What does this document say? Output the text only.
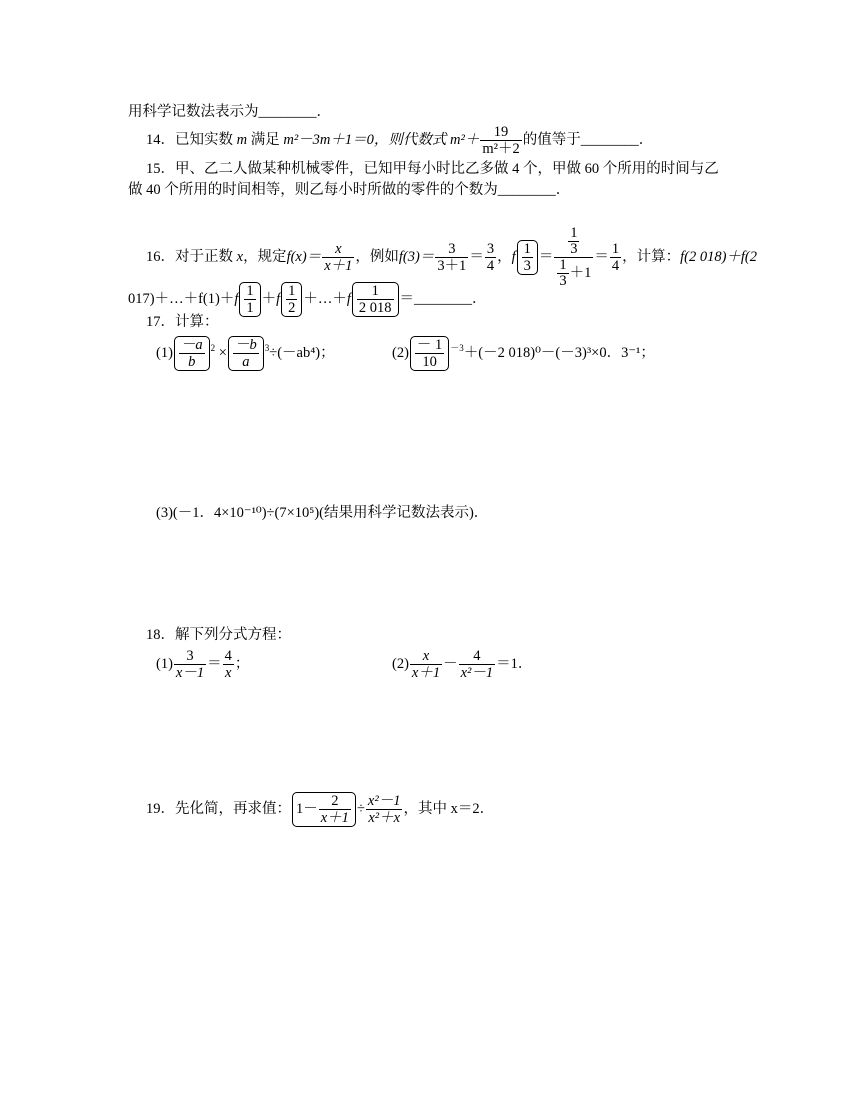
用科学记数法表示为________．
14．已知实数 m 满足 m²－3m＋1＝0，则代数式 $m^2+ \frac{19}{\text{m²＋2}}$ 的值等于________．
15．甲、乙二人做某种机械零件，已知甲每小时比乙多做 4 个，甲做 60 个所用的时间与乙
做 40 个所用的时间相等，则乙每小时所做的零件的个数为________．
16．对于正数 x，规定$f(x)= \frac{x}{x+1}$ ，例如$f(3)= \frac{3}{3+1} = \frac{3}{4}$ ，f $\frac{1}{3} = \frac{\frac{1}{3}}{\frac{1}{3} +1} = \frac{1}{4}$ ，计算：f(2 018)＋f(2
017)＋…＋f(1)＋f $\frac{1}{1} +f \frac{1}{2}$ ＋…＋f $\frac{1}{2 018}$ ＝________．
17．计算：
$(1) \frac{-a}{b} ^2 \times \frac{-b}{a} ^3\div(-ab^4)$；	$(2) \frac{- 1}{10} ^{-3}+(-2$ 018)⁰－(－3)³×0．3⁻¹；
(3)(－1．4×10⁻¹⁰)÷(7×10⁵)(结果用科学记数法表示)．
18．解下列分式方程：
$(1) \frac{3}{x-1} = \frac{4}{x}$ ；	$(2) \frac{x}{x+1} - \frac{4}{\text{x²－1}} =1$．
19．先化简，再求值： $1- \frac{2}{x+1} \div \frac{\text{x²－1}}{\text{x²＋x}}$ ，其中 x＝2．
